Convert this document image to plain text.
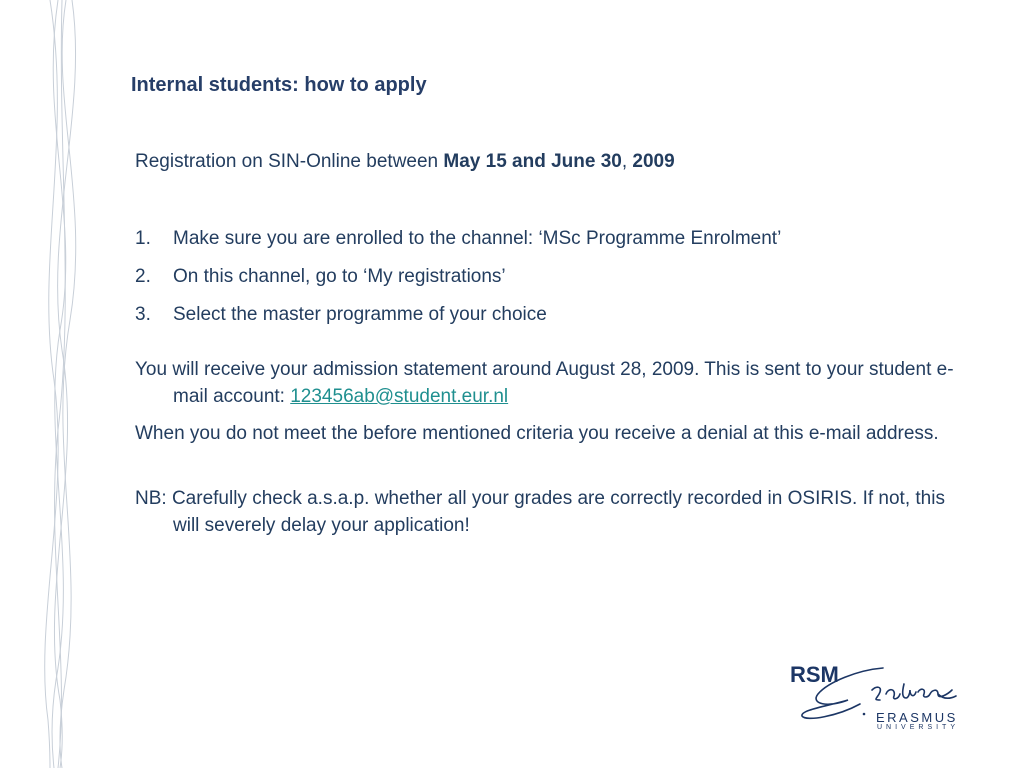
Internal students: how to apply

Registration on SIN-Online between May 15 and June 30, 2009

1.	Make sure you are enrolled to the channel: ‘MSc Programme Enrolment’
2.	On this channel, go to ‘My registrations’
3.	Select the master programme of your choice

You will receive your admission statement around August 28, 2009. This is sent to your student e-mail account: 123456ab@student.eur.nl

When you do not meet the before mentioned criteria you receive a denial at this e-mail address.

NB: Carefully check a.s.a.p. whether all your grades are correctly recorded in OSIRIS. If not, this will severely delay your application!

RSM
ERASMUS
UNIVERSITY
